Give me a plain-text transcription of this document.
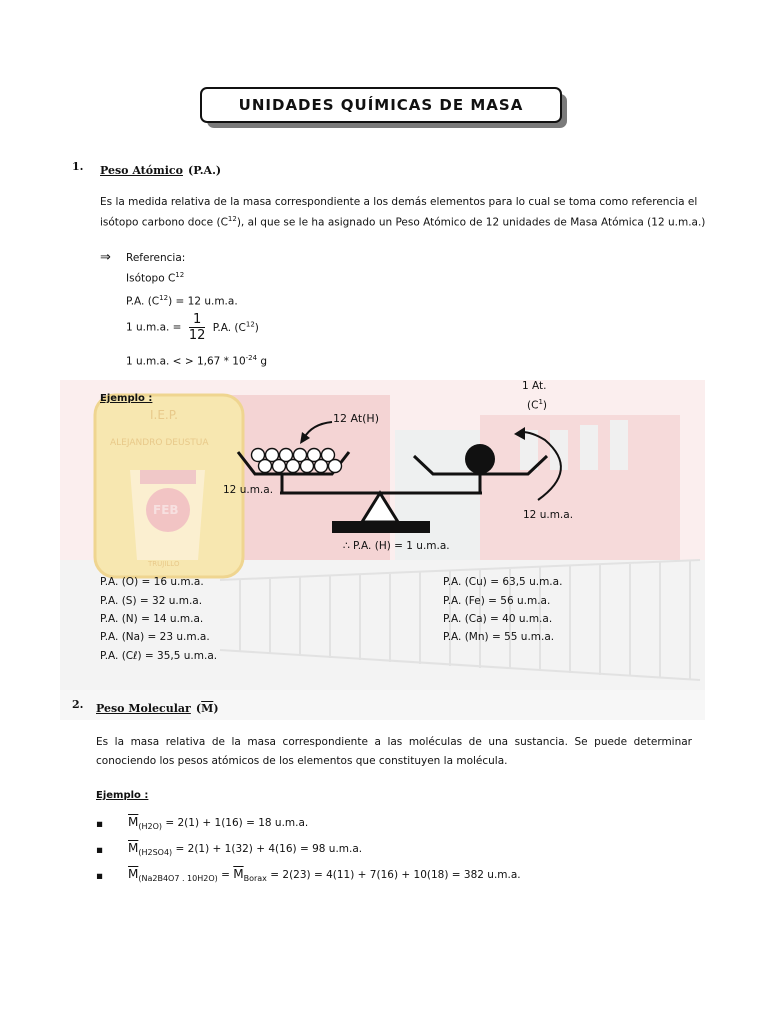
I.E.P.
ALEJANDRO DEUSTUA
FEB
TRUJILLO
UNIDADES QUÍMICAS DE MASA
1. Peso Atómico (P.A.)
Es la medida relativa de la masa correspondiente a los demás elementos para lo cual se toma como referencia el
isótopo carbono doce $(C^{12})$, al que se le ha asignado un Peso Atómico de 12 unidades de Masa Atómica (12 u.m.a.)
⇒ Referencia:
Isótopo $C^{12}$
P.A. $(C^{12}) = 12$ u.m.a.
1 u.m.a. = $\frac{1}{12} P.A$. $(C^{12})$
1 u.m.a. < > $1,67 * 10^{-24}$ g
Ejemplo :
12 At(H)
1 At.
$(C^1)$
12 u.m.a.
12 u.m.a.
∴ P.A. (H) = 1 u.m.a.
P.A. (O) = 16 u.m.a.
P.A. (S) = 32 u.m.a.
P.A. (N) = 14 u.m.a.
P.A. (Na) = 23 u.m.a.
P.A. (Cℓ) = 35,5 u.m.a.
P.A. (Cu) = 63,5 u.m.a.
P.A. (Fe) = 56 u.m.a.
P.A. (Ca) = 40 u.m.a.
P.A. (Mn) = 55 u.m.a.
2. Peso Molecular $(\overline{M})$
Es la masa relativa de la masa correspondiente a las moléculas de una sustancia. Se puede determinar
conociendo los pesos atómicos de los elementos que constituyen la molécula.
Ejemplo :
▪ $\overline{M}_{(H2O)} = 2(1) + 1(16) = 18$ u.m.a.
▪ $\overline{M}_{(H2SO4)} = 2(1) + 1(32) + 4(16) = 98$ u.m.a.
▪ $\overline{M}_{(Na2B4O7 . 10H2O)} = \overline{M}_{Borax} = 2(23) = 4(11) + 7(16) + 10(18) = 382$ u.m.a.
